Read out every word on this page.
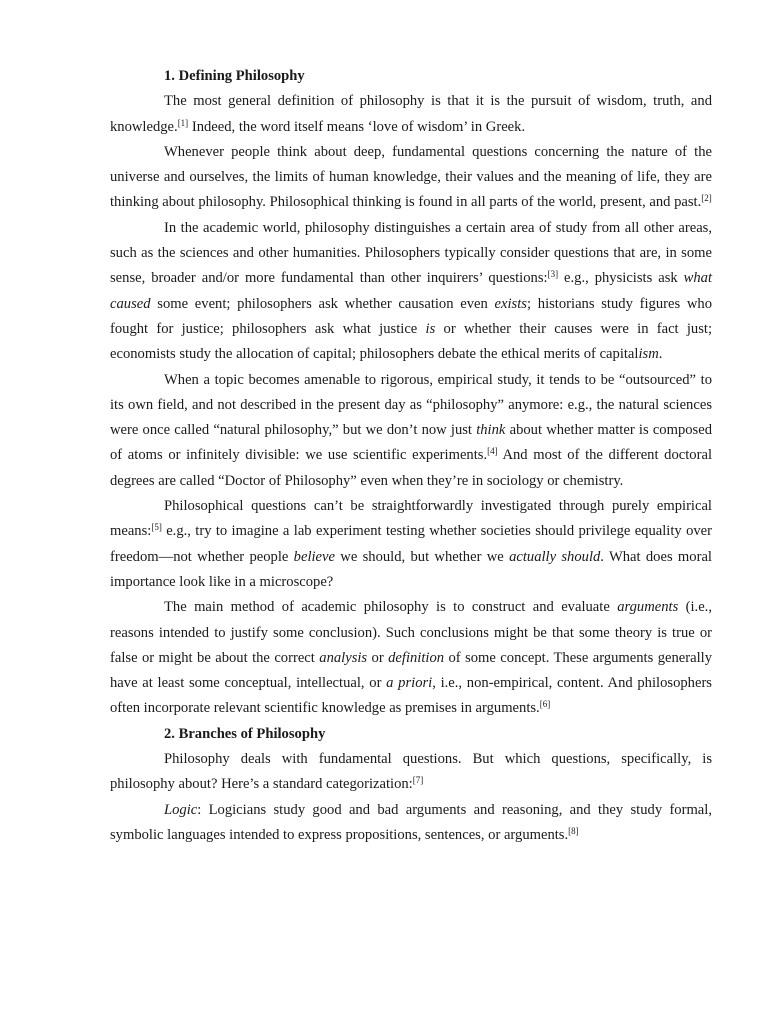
1. Defining Philosophy

The most general definition of philosophy is that it is the pursuit of wisdom, truth, and knowledge.[1] Indeed, the word itself means ‘love of wisdom’ in Greek.

Whenever people think about deep, fundamental questions concerning the nature of the universe and ourselves, the limits of human knowledge, their values and the meaning of life, they are thinking about philosophy. Philosophical thinking is found in all parts of the world, present, and past.[2]

In the academic world, philosophy distinguishes a certain area of study from all other areas, such as the sciences and other humanities. Philosophers typically consider questions that are, in some sense, broader and/or more fundamental than other inquirers’ questions:[3] e.g., physicists ask what caused some event; philosophers ask whether causation even exists; historians study figures who fought for justice; philosophers ask what justice is or whether their causes were in fact just; economists study the allocation of capital; philosophers debate the ethical merits of capitalism.

When a topic becomes amenable to rigorous, empirical study, it tends to be “outsourced” to its own field, and not described in the present day as “philosophy” anymore: e.g., the natural sciences were once called “natural philosophy,” but we don’t now just think about whether matter is composed of atoms or infinitely divisible: we use scientific experiments.[4] And most of the different doctoral degrees are called “Doctor of Philosophy” even when they’re in sociology or chemistry.

Philosophical questions can’t be straightforwardly investigated through purely empirical means:[5] e.g., try to imagine a lab experiment testing whether societies should privilege equality over freedom—not whether people believe we should, but whether we actually should. What does moral importance look like in a microscope?

The main method of academic philosophy is to construct and evaluate arguments (i.e., reasons intended to justify some conclusion). Such conclusions might be that some theory is true or false or might be about the correct analysis or definition of some concept. These arguments generally have at least some conceptual, intellectual, or a priori, i.e., non-empirical, content. And philosophers often incorporate relevant scientific knowledge as premises in arguments.[6]

2. Branches of Philosophy

Philosophy deals with fundamental questions. But which questions, specifically, is philosophy about? Here’s a standard categorization:[7]

Logic: Logicians study good and bad arguments and reasoning, and they study formal, symbolic languages intended to express propositions, sentences, or arguments.[8]
